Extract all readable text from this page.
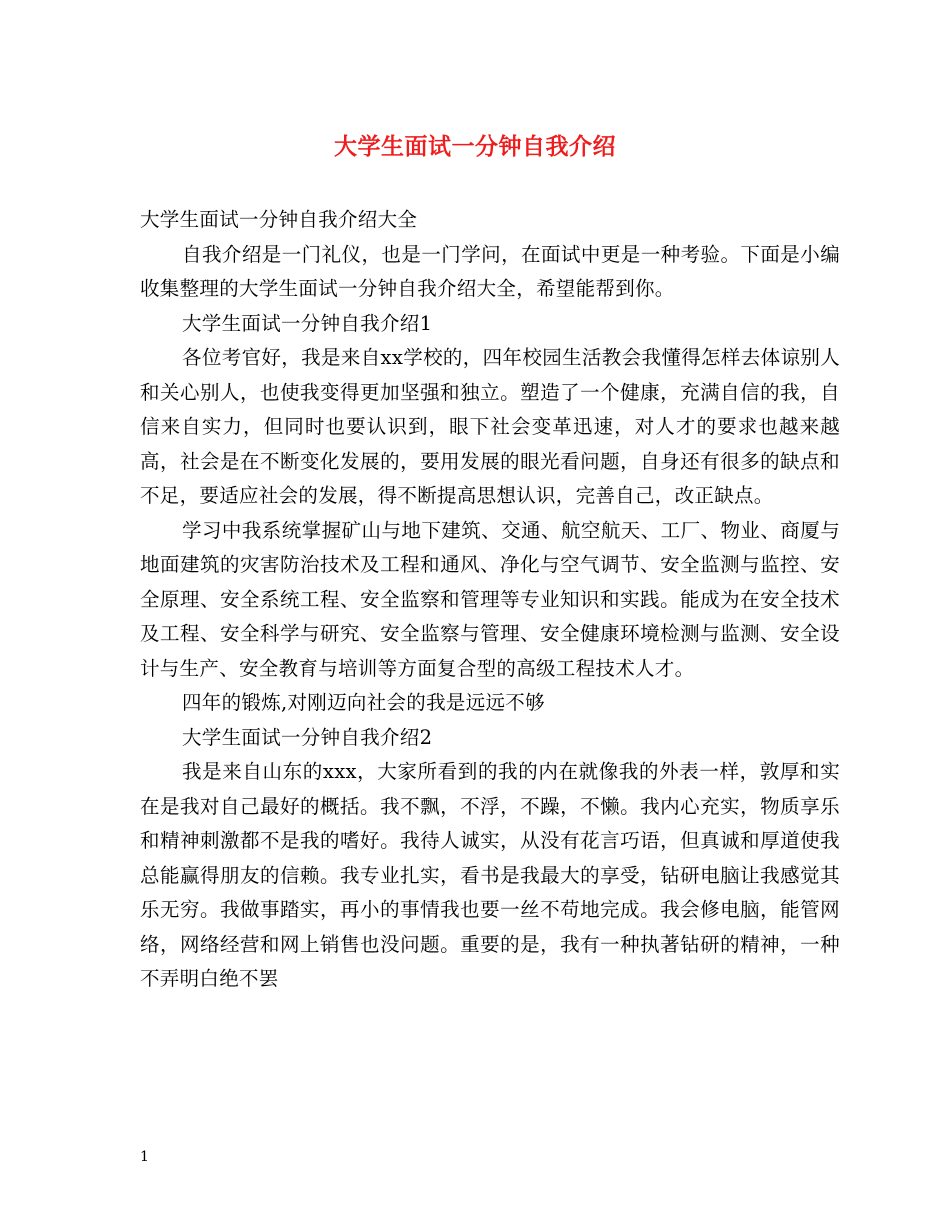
大学生面试一分钟自我介绍

大学生面试一分钟自我介绍大全

自我介绍是一门礼仪，也是一门学问，在面试中更是一种考验。下面是小编收集整理的大学生面试一分钟自我介绍大全，希望能帮到你。

大学生面试一分钟自我介绍1

各位考官好，我是来自xx学校的，四年校园生活教会我懂得怎样去体谅别人和关心别人，也使我变得更加坚强和独立。塑造了一个健康，充满自信的我，自信来自实力，但同时也要认识到，眼下社会变革迅速，对人才的要求也越来越高，社会是在不断变化发展的，要用发展的眼光看问题，自身还有很多的缺点和不足，要适应社会的发展，得不断提高思想认识，完善自己，改正缺点。

学习中我系统掌握矿山与地下建筑、交通、航空航天、工厂、物业、商厦与地面建筑的灾害防治技术及工程和通风、净化与空气调节、安全监测与监控、安全原理、安全系统工程、安全监察和管理等专业知识和实践。能成为在安全技术及工程、安全科学与研究、安全监察与管理、安全健康环境检测与监测、安全设计与生产、安全教育与培训等方面复合型的高级工程技术人才。

四年的锻炼,对刚迈向社会的我是远远不够

大学生面试一分钟自我介绍2

我是来自山东的xxx，大家所看到的我的内在就像我的外表一样，敦厚和实在是我对自己最好的概括。我不飘，不浮，不躁，不懒。我内心充实，物质享乐和精神刺激都不是我的嗜好。我待人诚实，从没有花言巧语，但真诚和厚道使我总能赢得朋友的信赖。我专业扎实，看书是我最大的享受，钻研电脑让我感觉其乐无穷。我做事踏实，再小的事情我也要一丝不苟地完成。我会修电脑，能管网络，网络经营和网上销售也没问题。重要的是，我有一种执著钻研的精神，一种不弄明白绝不罢

1
